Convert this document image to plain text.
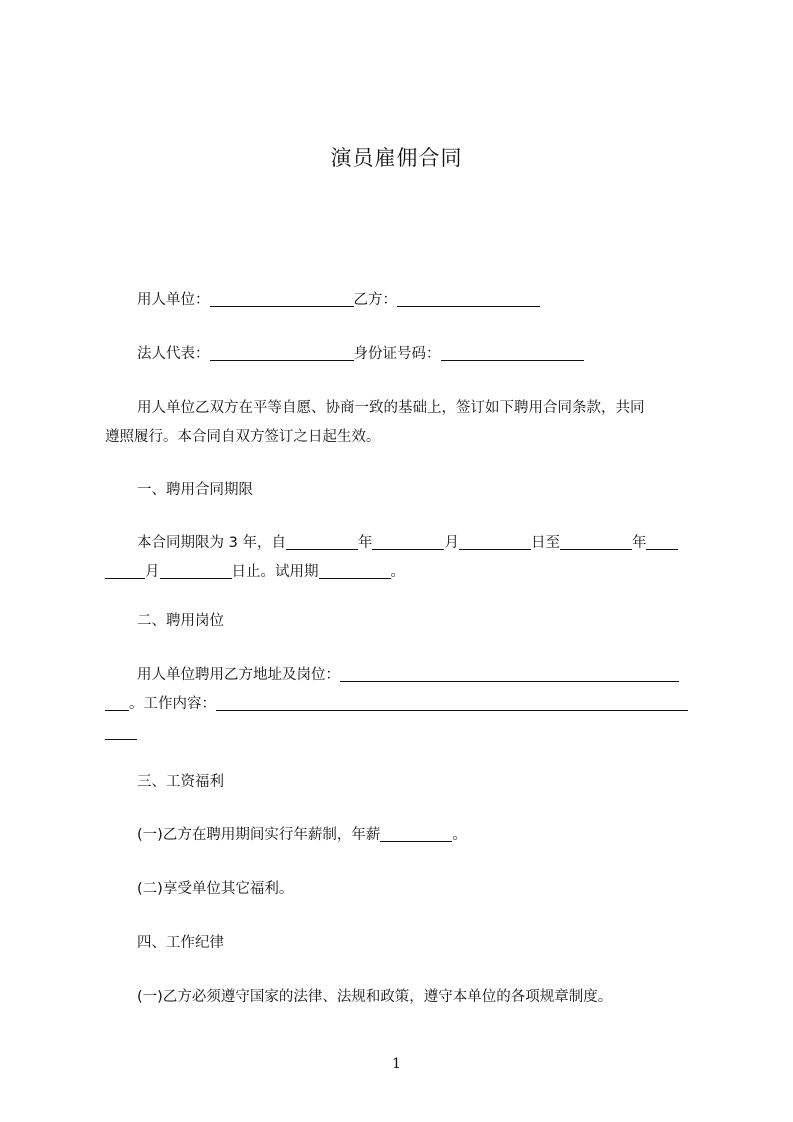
演员雇佣合同
用人单位：	乙方：
法人代表：	身份证号码：
用人单位乙双方在平等自愿、协商一致的基础上，签订如下聘用合同条款，共同
遵照履行。本合同自双方签订之日起生效。
一、聘用合同期限
本合同期限为 3 年，自	年	月	日至	年
月	日止。试用期	。
二、聘用岗位
用人单位聘用乙方地址及岗位：
。工作内容：
三、工资福利
(一)乙方在聘用期间实行年薪制，年薪	。
(二)享受单位其它福利。
四、工作纪律
(一)乙方必须遵守国家的法律、法规和政策，遵守本单位的各项规章制度。
1
